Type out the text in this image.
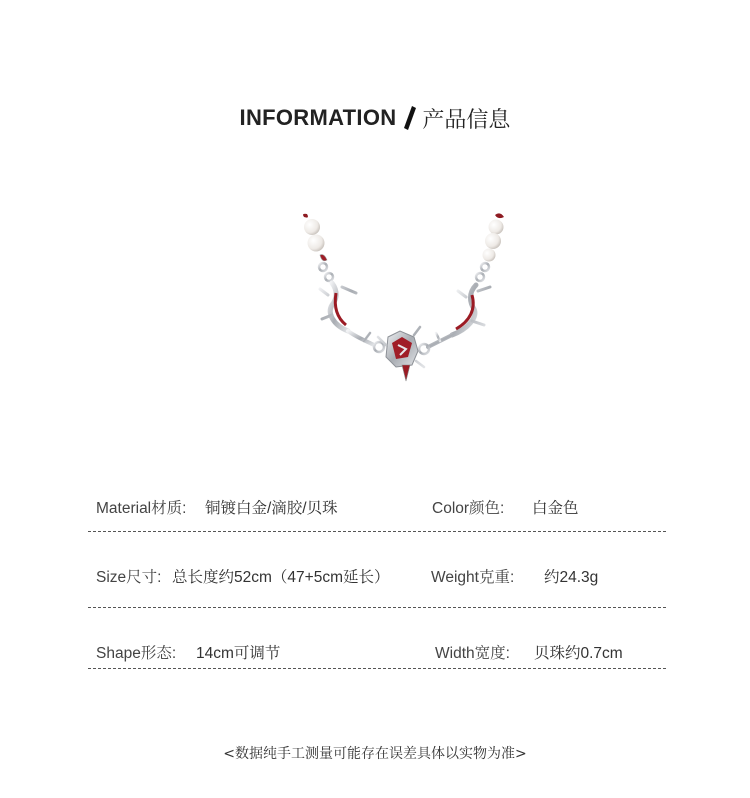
INFORMATION 产品信息
Material材质: 铜镀白金/滴胶/贝珠	Color颜色: 白金色
Size尺寸: 总长度约52cm（47+5cm延长）	Weight克重: 约24.3g
Shape形态: 14cm可调节	Width宽度: 贝珠约0.7cm
<数据纯手工测量可能存在误差具体以实物为准>
